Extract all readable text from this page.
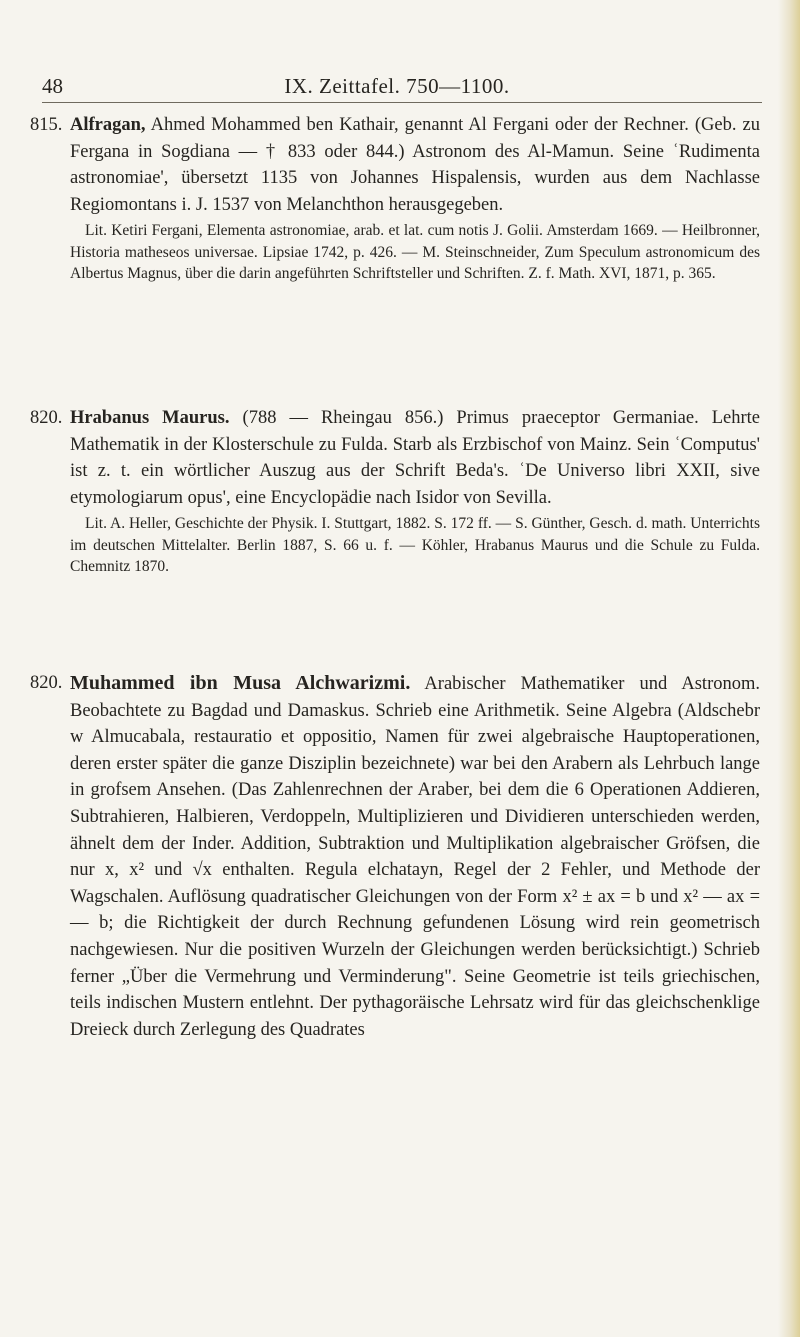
48	IX. Zeittafel. 750—1100.
815. Alfragan, Ahmed Mohammed ben Kathair, genannt Al Fergani oder der Rechner. (Geb. zu Fergana in Sogdiana — † 833 oder 844.) Astronom des Al-Mamun. Seine ʿRudimenta astronomiae', übersetzt 1135 von Johannes Hispalensis, wurden aus dem Nachlasse Regiomontans i. J. 1537 von Melanchthon herausgegeben.
Lit. Ketiri Fergani, Elementa astronomiae, arab. et lat. cum notis J. Golii. Amsterdam 1669. — Heilbronner, Historia matheseos universae. Lipsiae 1742, p. 426. — M. Steinschneider, Zum Speculum astronomicum des Albertus Magnus, über die darin angeführten Schriftsteller und Schriften. Z. f. Math. XVI, 1871, p. 365.
820. Hrabanus Maurus. (788 — Rheingau 856.) Primus praeceptor Germaniae. Lehrte Mathematik in der Klosterschule zu Fulda. Starb als Erzbischof von Mainz. Sein ʿComputus' ist z. t. ein wörtlicher Auszug aus der Schrift Beda's. ʿDe Universo libri XXII, sive etymologiarum opus', eine Encyclopädie nach Isidor von Sevilla.
Lit. A. Heller, Geschichte der Physik. I. Stuttgart, 1882. S. 172 ff. — S. Günther, Gesch. d. math. Unterrichts im deutschen Mittelalter. Berlin 1887, S. 66 u. f. — Köhler, Hrabanus Maurus und die Schule zu Fulda. Chemnitz 1870.
820. Muhammed ibn Musa Alchwarizmi. Arabischer Mathematiker und Astronom. Beobachtete zu Bagdad und Damaskus. Schrieb eine Arithmetik. Seine Algebra (Aldschebr w Almucabala, restauratio et oppositio, Namen für zwei algebraische Hauptoperationen, deren erster später die ganze Disziplin bezeichnete) war bei den Arabern als Lehrbuch lange in grofsem Ansehen. (Das Zahlenrechnen der Araber, bei dem die 6 Operationen Addieren, Subtrahieren, Halbieren, Verdoppeln, Multiplizieren und Dividieren unterschieden werden, ähnelt dem der Inder. Addition, Subtraktion und Multiplikation algebraischer Gröfsen, die nur x, x² und √x enthalten. Regula elchatayn, Regel der 2 Fehler, und Methode der Wagschalen. Auflösung quadratischer Gleichungen von der Form x² ± ax = b und x² — ax = — b; die Richtigkeit der durch Rechnung gefundenen Lösung wird rein geometrisch nachgewiesen. Nur die positiven Wurzeln der Gleichungen werden berücksichtigt.) Schrieb ferner „Über die Vermehrung und Verminderung". Seine Geometrie ist teils griechischen, teils indischen Mustern entlehnt. Der pythagoräische Lehrsatz wird für das gleichschenklige Dreieck durch Zerlegung des Quadrates
